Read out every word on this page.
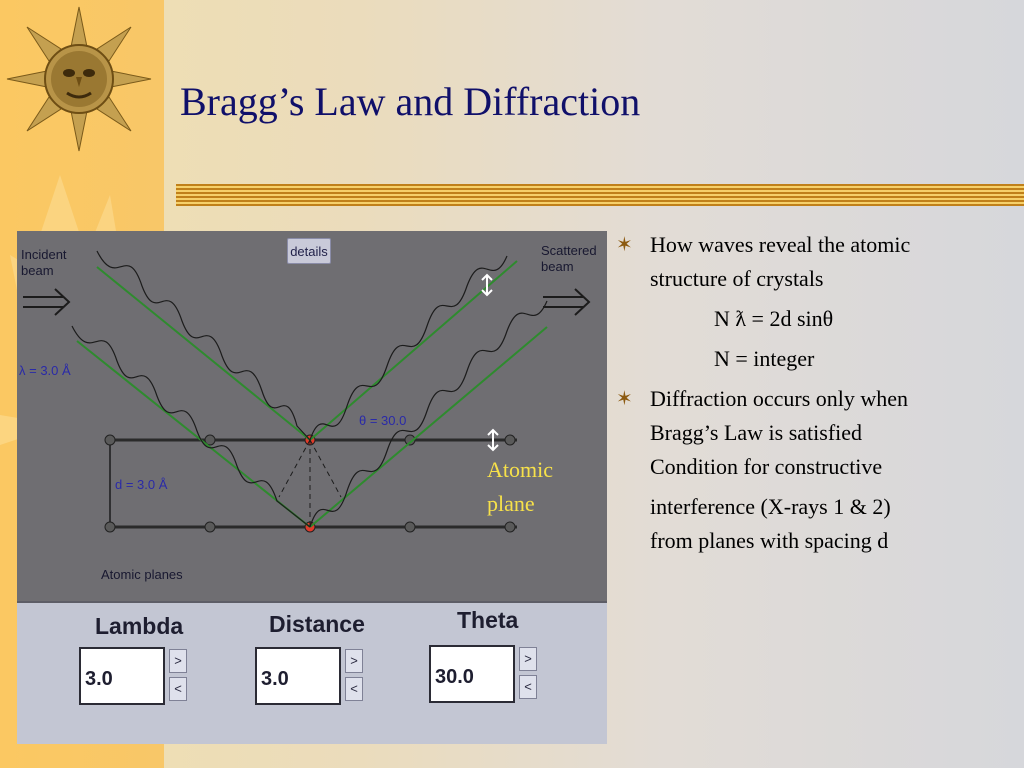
Bragg’s Law and Diffraction
details
Incident
beam
Scattered
beam
λ = 3.0 Å
θ = 30.0
d = 3.0 Å
Atomic planes
Atomic
plane
Lambda
3.0
>
<
Distance
3.0
>
<
Theta
30.0
>
<
✶ How waves reveal the atomic
structure of crystals
N ƛ = 2d sinθ
N = integer
✶ Diffraction occurs only when
Bragg’s Law is satisfied
Condition for constructive
interference (X-rays 1 & 2)
from planes with spacing d
